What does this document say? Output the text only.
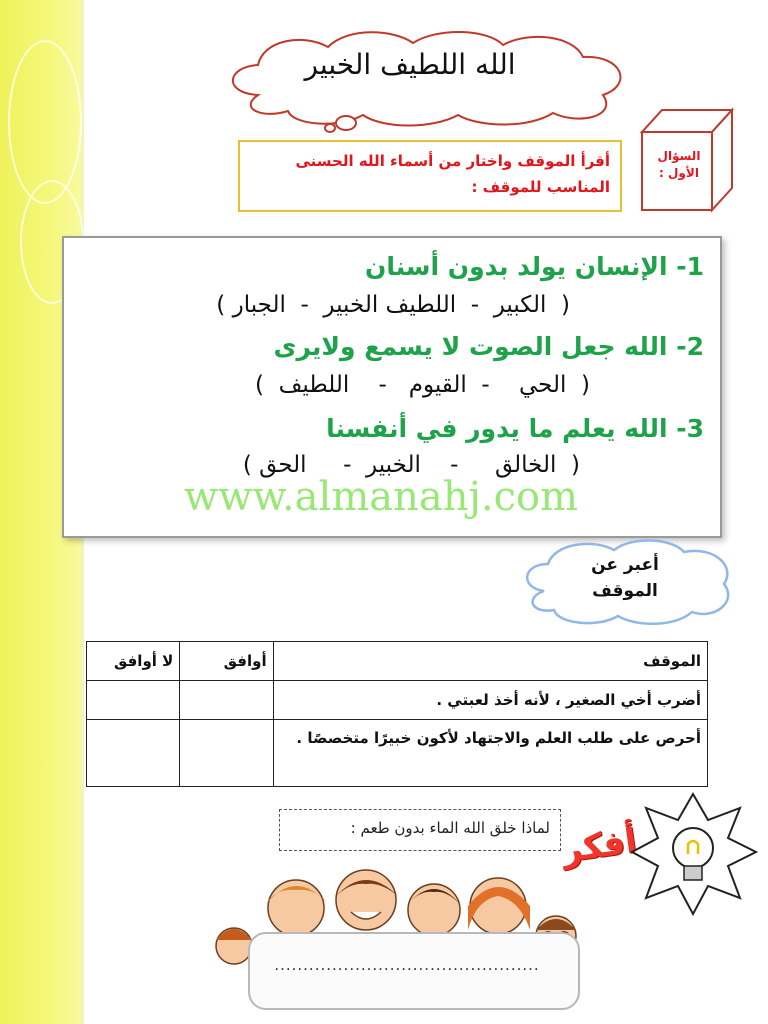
الله اللطيف الخبير
السؤال الأول :
أقرأ الموقف واختار من أسماء الله الحسنى المناسب للموقف :
1- الإنسان يولد بدون أسنان
(  الكبير  -  اللطيف الخبير  -  الجبار )
2- الله جعل الصوت لا يسمع ولايرى
(  الحي    -  القيوم   -    اللطيف  )
3- الله يعلم ما يدور في أنفسنا
(  الخالق     -    الخبير  -     الحق )
www.almanahj.com
أعبر عن الموقف
الموقف	أوافق	لا أوافق
أضرب أخي الصغير ، لأنه أخذ لعبتي .		
أحرص على طلب العلم والاجتهاد لأكون خبيرًا متخصصًا .		
لماذا خلق الله الماء بدون طعم : أفكر
..............................................
